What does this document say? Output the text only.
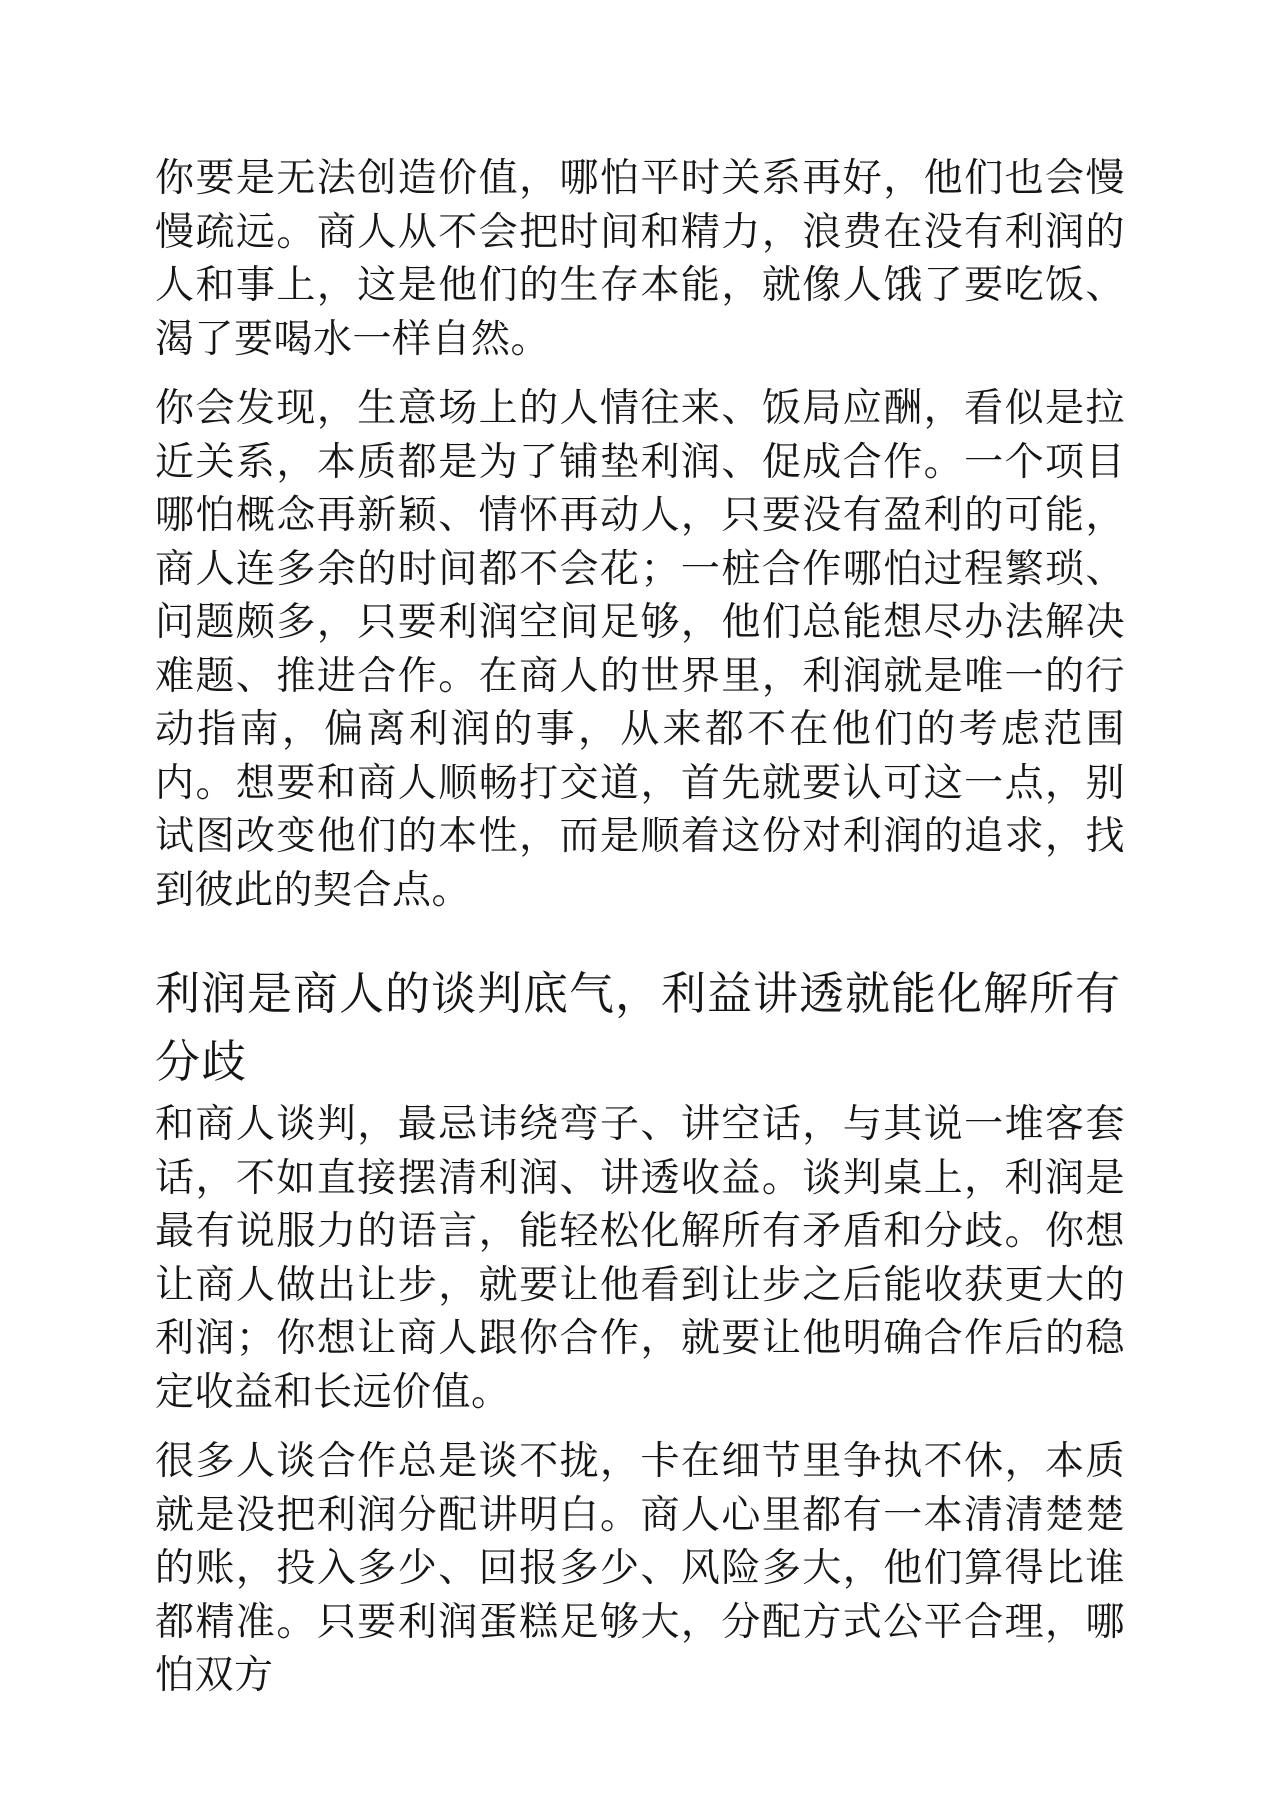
你要是无法创造价值，哪怕平时关系再好，他们也会慢慢疏远。商人从不会把时间和精力，浪费在没有利润的人和事上，这是他们的生存本能，就像人饿了要吃饭、渴了要喝水一样自然。

你会发现，生意场上的人情往来、饭局应酬，看似是拉近关系，本质都是为了铺垫利润、促成合作。一个项目哪怕概念再新颖、情怀再动人，只要没有盈利的可能，商人连多余的时间都不会花；一桩合作哪怕过程繁琐、问题颇多，只要利润空间足够，他们总能想尽办法解决难题、推进合作。在商人的世界里，利润就是唯一的行动指南，偏离利润的事，从来都不在他们的考虑范围内。想要和商人顺畅打交道，首先就要认可这一点，别试图改变他们的本性，而是顺着这份对利润的追求，找到彼此的契合点。

利润是商人的谈判底气，利益讲透就能化解所有分歧

和商人谈判，最忌讳绕弯子、讲空话，与其说一堆客套话，不如直接摆清利润、讲透收益。谈判桌上，利润是最有说服力的语言，能轻松化解所有矛盾和分歧。你想让商人做出让步，就要让他看到让步之后能收获更大的利润；你想让商人跟你合作，就要让他明确合作后的稳定收益和长远价值。

很多人谈合作总是谈不拢，卡在细节里争执不休，本质就是没把利润分配讲明白。商人心里都有一本清清楚楚的账，投入多少、回报多少、风险多大，他们算得比谁都精准。只要利润蛋糕足够大，分配方式公平合理，哪怕双方
